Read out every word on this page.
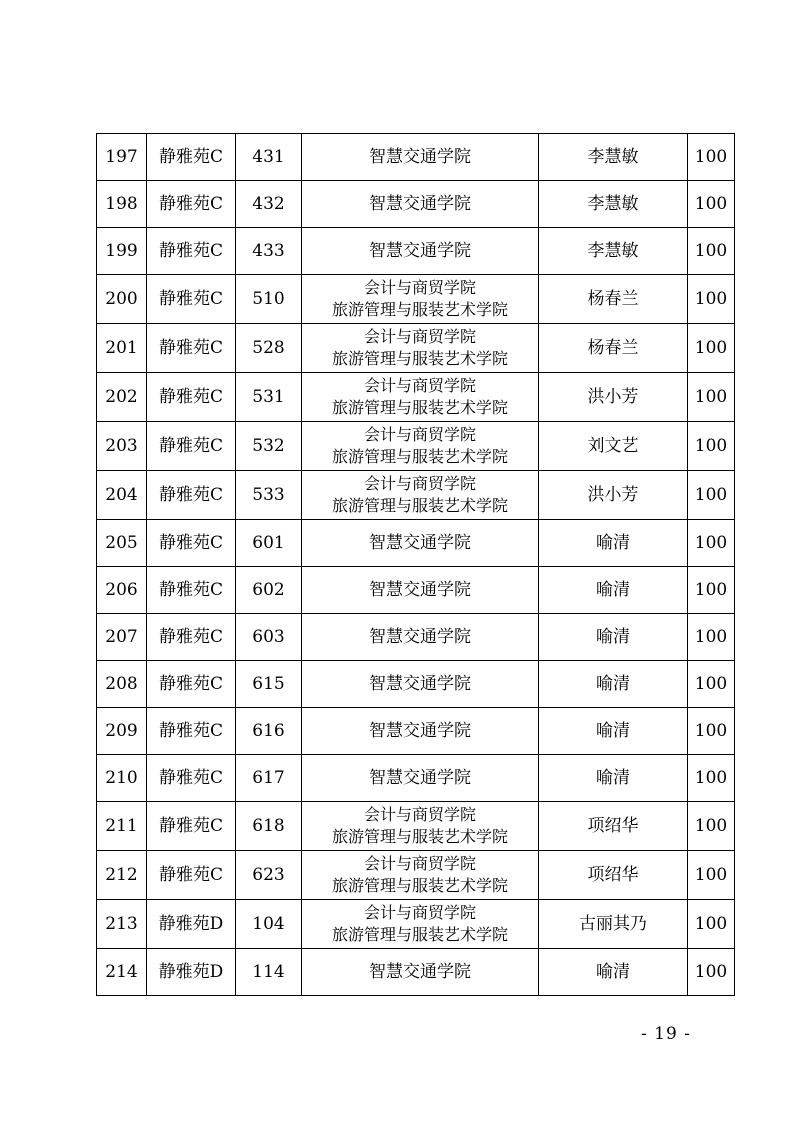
197	静雅苑C	431	智慧交通学院	李慧敏	100
198	静雅苑C	432	智慧交通学院	李慧敏	100
199	静雅苑C	433	智慧交通学院	李慧敏	100
200	静雅苑C	510	会计与商贸学院
旅游管理与服装艺术学院	杨春兰	100
201	静雅苑C	528	会计与商贸学院
旅游管理与服装艺术学院	杨春兰	100
202	静雅苑C	531	会计与商贸学院
旅游管理与服装艺术学院	洪小芳	100
203	静雅苑C	532	会计与商贸学院
旅游管理与服装艺术学院	刘文艺	100
204	静雅苑C	533	会计与商贸学院
旅游管理与服装艺术学院	洪小芳	100
205	静雅苑C	601	智慧交通学院	喻清	100
206	静雅苑C	602	智慧交通学院	喻清	100
207	静雅苑C	603	智慧交通学院	喻清	100
208	静雅苑C	615	智慧交通学院	喻清	100
209	静雅苑C	616	智慧交通学院	喻清	100
210	静雅苑C	617	智慧交通学院	喻清	100
211	静雅苑C	618	会计与商贸学院
旅游管理与服装艺术学院	项绍华	100
212	静雅苑C	623	会计与商贸学院
旅游管理与服装艺术学院	项绍华	100
213	静雅苑D	104	会计与商贸学院
旅游管理与服装艺术学院	古丽其乃	100
214	静雅苑D	114	智慧交通学院	喻清	100
- 19 -
